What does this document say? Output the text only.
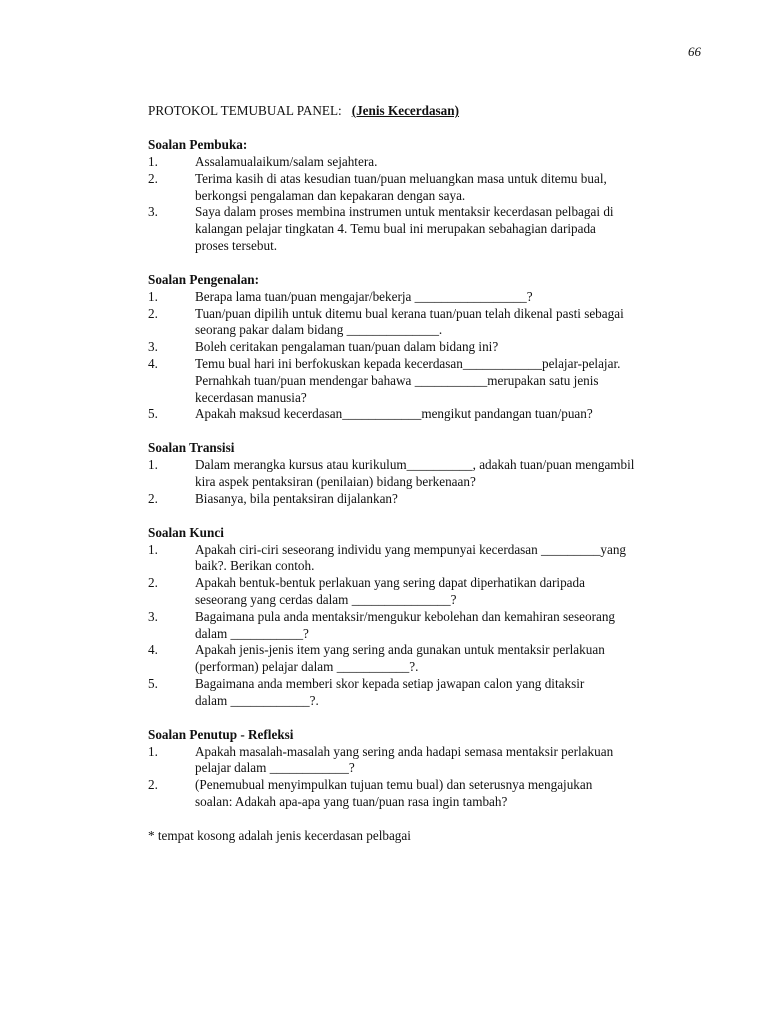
66
PROTOKOL TEMUBUAL PANEL: (Jenis Kecerdasan)
Soalan Pembuka:
1.	Assalamualaikum/salam sejahtera.
2.	Terima kasih di atas kesudian tuan/puan meluangkan masa untuk ditemu bual,
berkongsi pengalaman dan kepakaran dengan saya.
3.	Saya dalam proses membina instrumen untuk mentaksir kecerdasan pelbagai di
kalangan pelajar tingkatan 4. Temu bual ini merupakan sebahagian daripada
proses tersebut.
Soalan Pengenalan:
1.	Berapa lama tuan/puan mengajar/bekerja _________________?
2.	Tuan/puan dipilih untuk ditemu bual kerana tuan/puan telah dikenal pasti sebagai
seorang pakar dalam bidang ______________.
3.	Boleh ceritakan pengalaman tuan/puan dalam bidang ini?
4.	Temu bual hari ini berfokuskan kepada kecerdasan____________pelajar-pelajar.
Pernahkah tuan/puan mendengar bahawa ___________merupakan satu jenis
kecerdasan manusia?
5.	Apakah maksud kecerdasan____________mengikut pandangan tuan/puan?
Soalan Transisi
1.	Dalam merangka kursus atau kurikulum__________, adakah tuan/puan mengambil
kira aspek pentaksiran (penilaian) bidang berkenaan?
2.	Biasanya, bila pentaksiran dijalankan?
Soalan Kunci
1.	Apakah ciri-ciri seseorang individu yang mempunyai kecerdasan _________yang
baik?. Berikan contoh.
2.	Apakah bentuk-bentuk perlakuan yang sering dapat diperhatikan daripada
seseorang yang cerdas dalam _______________?
3.	Bagaimana pula anda mentaksir/mengukur kebolehan dan kemahiran seseorang
dalam ___________?
4.	Apakah jenis-jenis item yang sering anda gunakan untuk mentaksir perlakuan
(performan) pelajar dalam ___________?.
5.	Bagaimana anda memberi skor kepada setiap jawapan calon yang ditaksir
dalam ____________?.
Soalan Penutup - Refleksi
1.	Apakah masalah-masalah yang sering anda hadapi semasa mentaksir perlakuan
pelajar dalam ____________?
2.	(Penemubual menyimpulkan tujuan temu bual) dan seterusnya mengajukan
soalan: Adakah apa-apa yang tuan/puan rasa ingin tambah?
* tempat kosong adalah jenis kecerdasan pelbagai
